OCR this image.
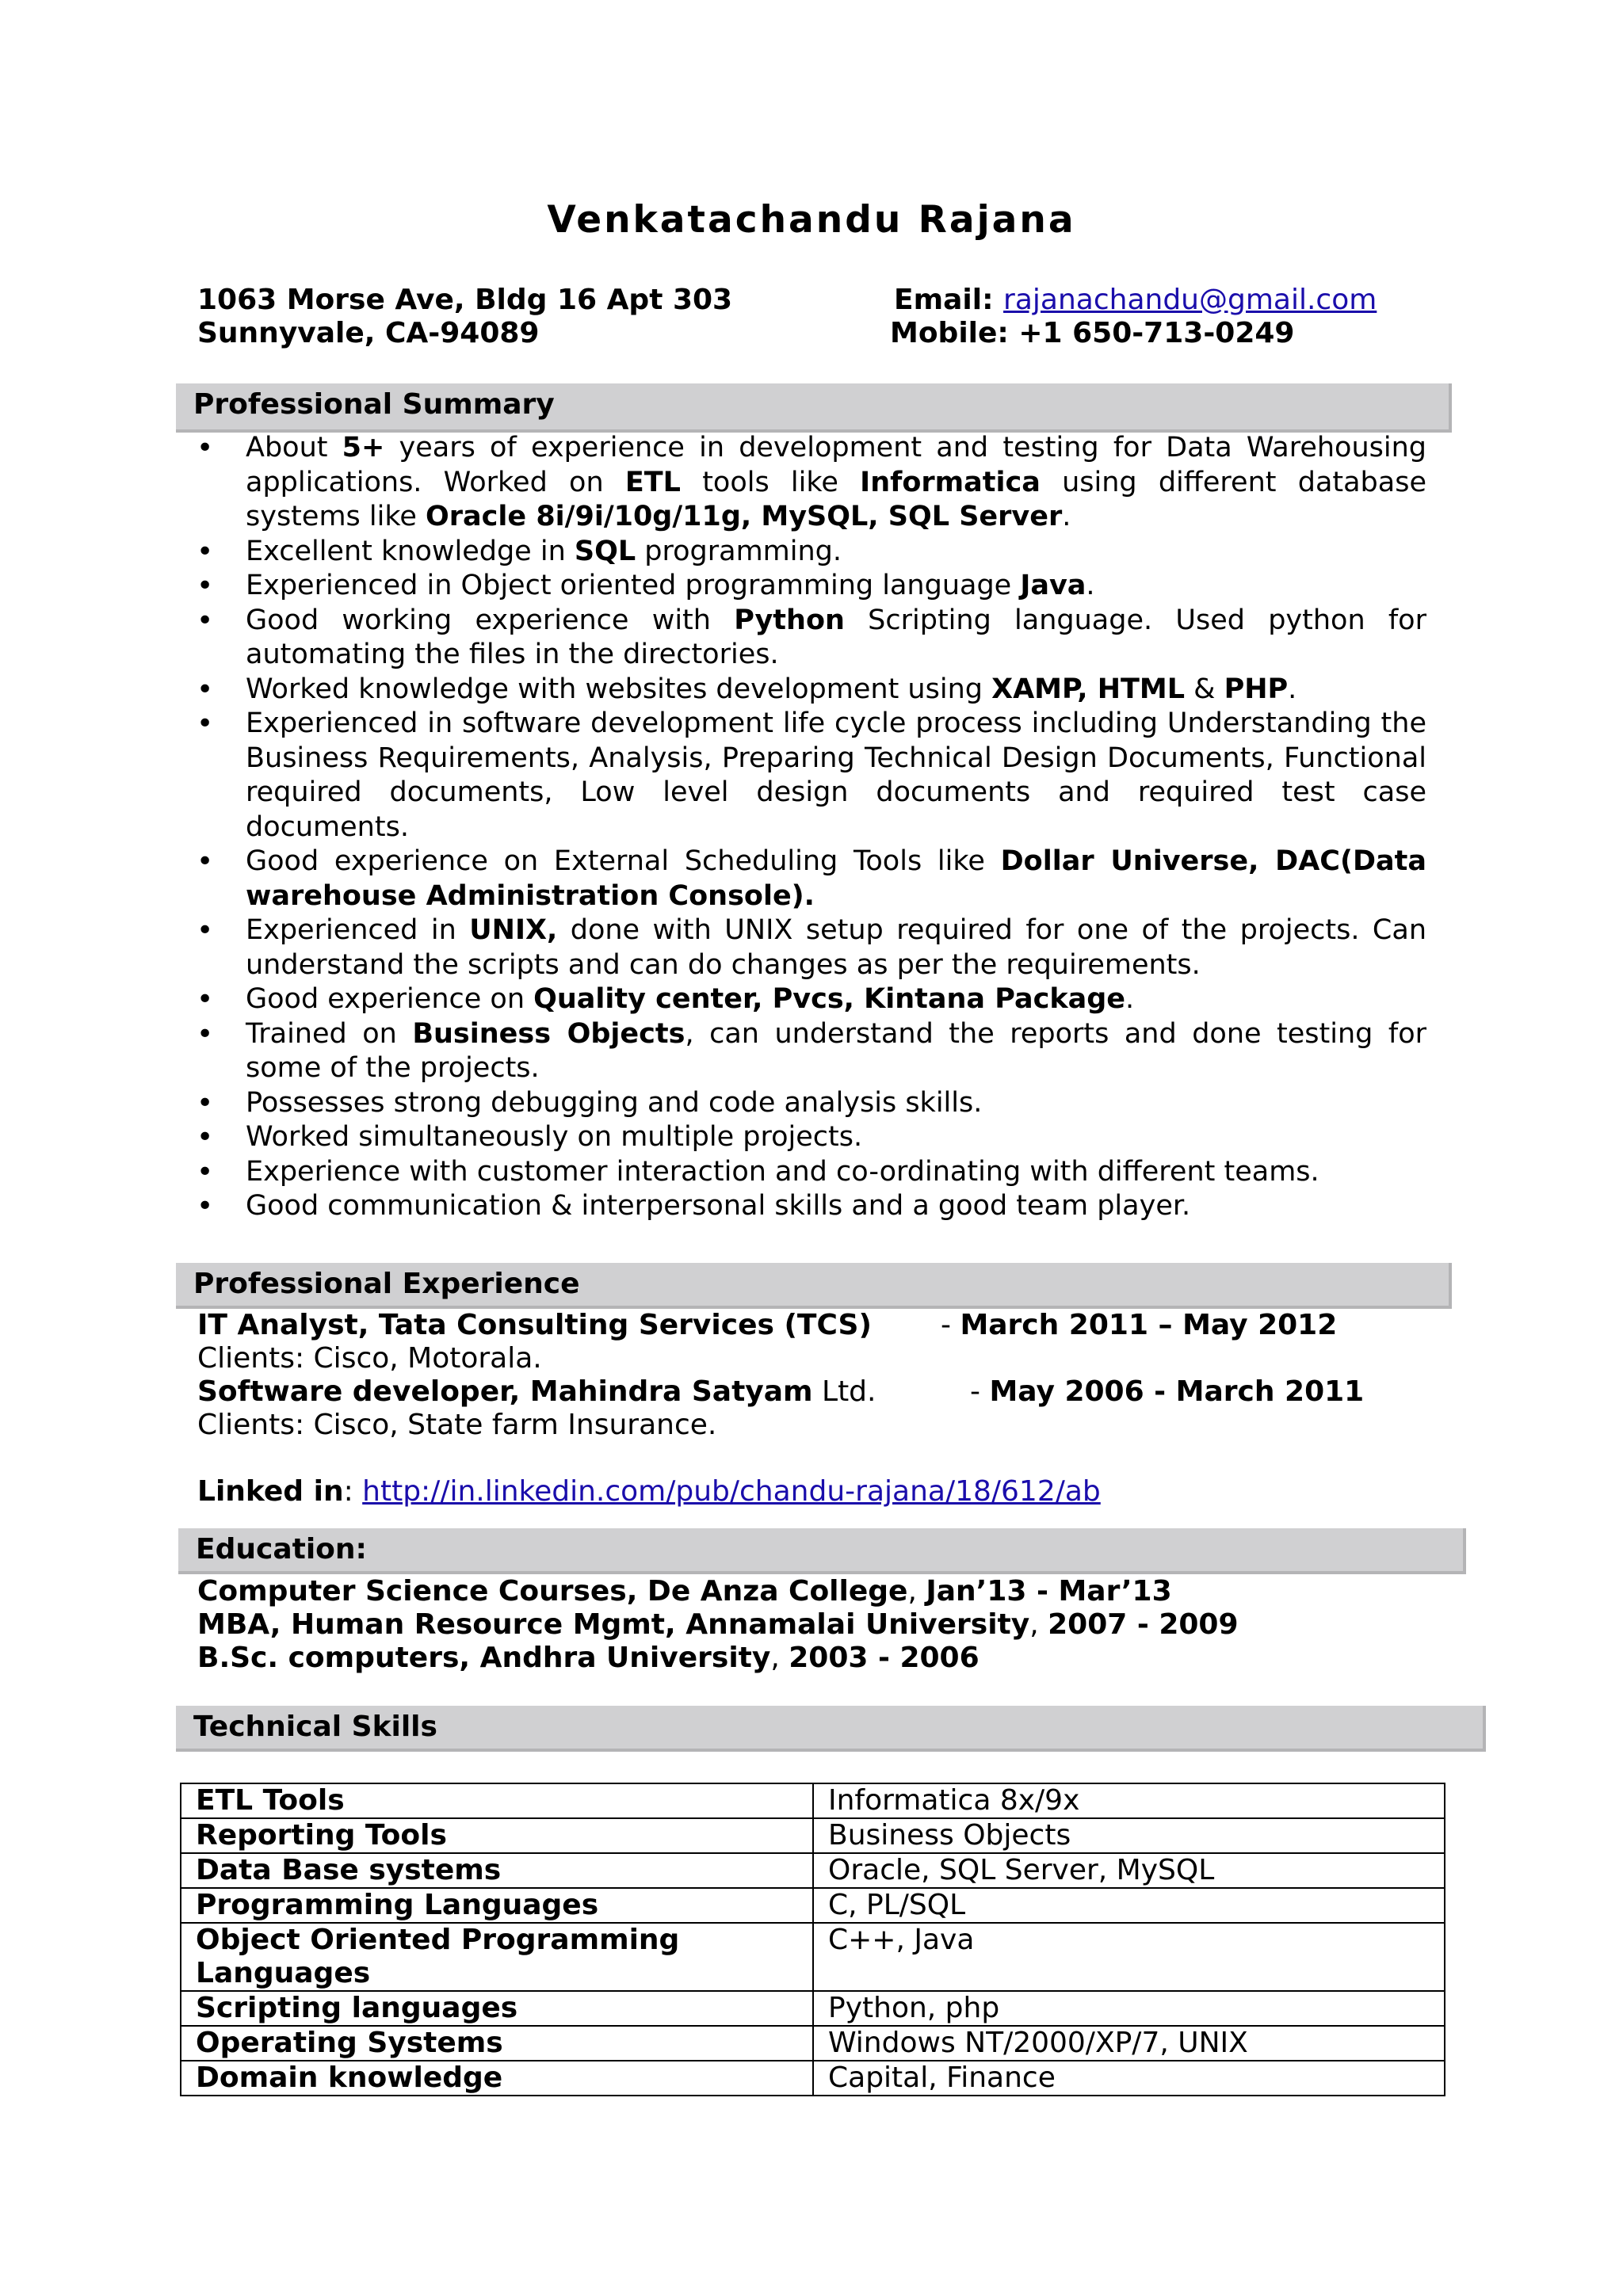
Venkatachandu Rajana
1063 Morse Ave, Bldg 16 Apt 303
Sunnyvale, CA-94089
Email: rajanachandu@gmail.com
Mobile: +1 650-713-0249
Professional Summary
• About 5+ years of experience in development and testing for Data Warehousing applications. Worked on ETL tools like Informatica using different database systems like Oracle 8i/9i/10g/11g, MySQL, SQL Server.
• Excellent knowledge in SQL programming.
• Experienced in Object oriented programming language Java.
• Good working experience with Python Scripting language. Used python for automating the files in the directories.
• Worked knowledge with websites development using XAMP, HTML & PHP.
• Experienced in software development life cycle process including Understanding the Business Requirements, Analysis, Preparing Technical Design Documents, Functional required documents, Low level design documents and required test case documents.
• Good experience on External Scheduling Tools like Dollar Universe, DAC(Data warehouse Administration Console).
• Experienced in UNIX, done with UNIX setup required for one of the projects. Can understand the scripts and can do changes as per the requirements.
• Good experience on Quality center, Pvcs, Kintana Package.
• Trained on Business Objects, can understand the reports and done testing for some of the projects.
• Possesses strong debugging and code analysis skills.
• Worked simultaneously on multiple projects.
• Experience with customer interaction and co-ordinating with different teams.
• Good communication & interpersonal skills and a good team player.
Professional Experience
IT Analyst, Tata Consulting Services (TCS) - March 2011 – May 2012
Clients: Cisco, Motorala.
Software developer, Mahindra Satyam Ltd.	- May 2006 - March 2011
Clients: Cisco, State farm Insurance.
Linked in: http://in.linkedin.com/pub/chandu-rajana/18/612/ab
Education:
Computer Science Courses, De Anza College, Jan’13 - Mar’13
MBA, Human Resource Mgmt, Annamalai University, 2007 - 2009
B.Sc. computers, Andhra University, 2003 - 2006
Technical Skills
ETL Tools	Informatica 8x/9x
Reporting Tools	Business Objects
Data Base systems	Oracle, SQL Server, MySQL
Programming Languages	C, PL/SQL
Object Oriented Programming Languages	C++, Java
Scripting languages	Python, php
Operating Systems	Windows NT/2000/XP/7, UNIX
Domain knowledge	Capital, Finance
